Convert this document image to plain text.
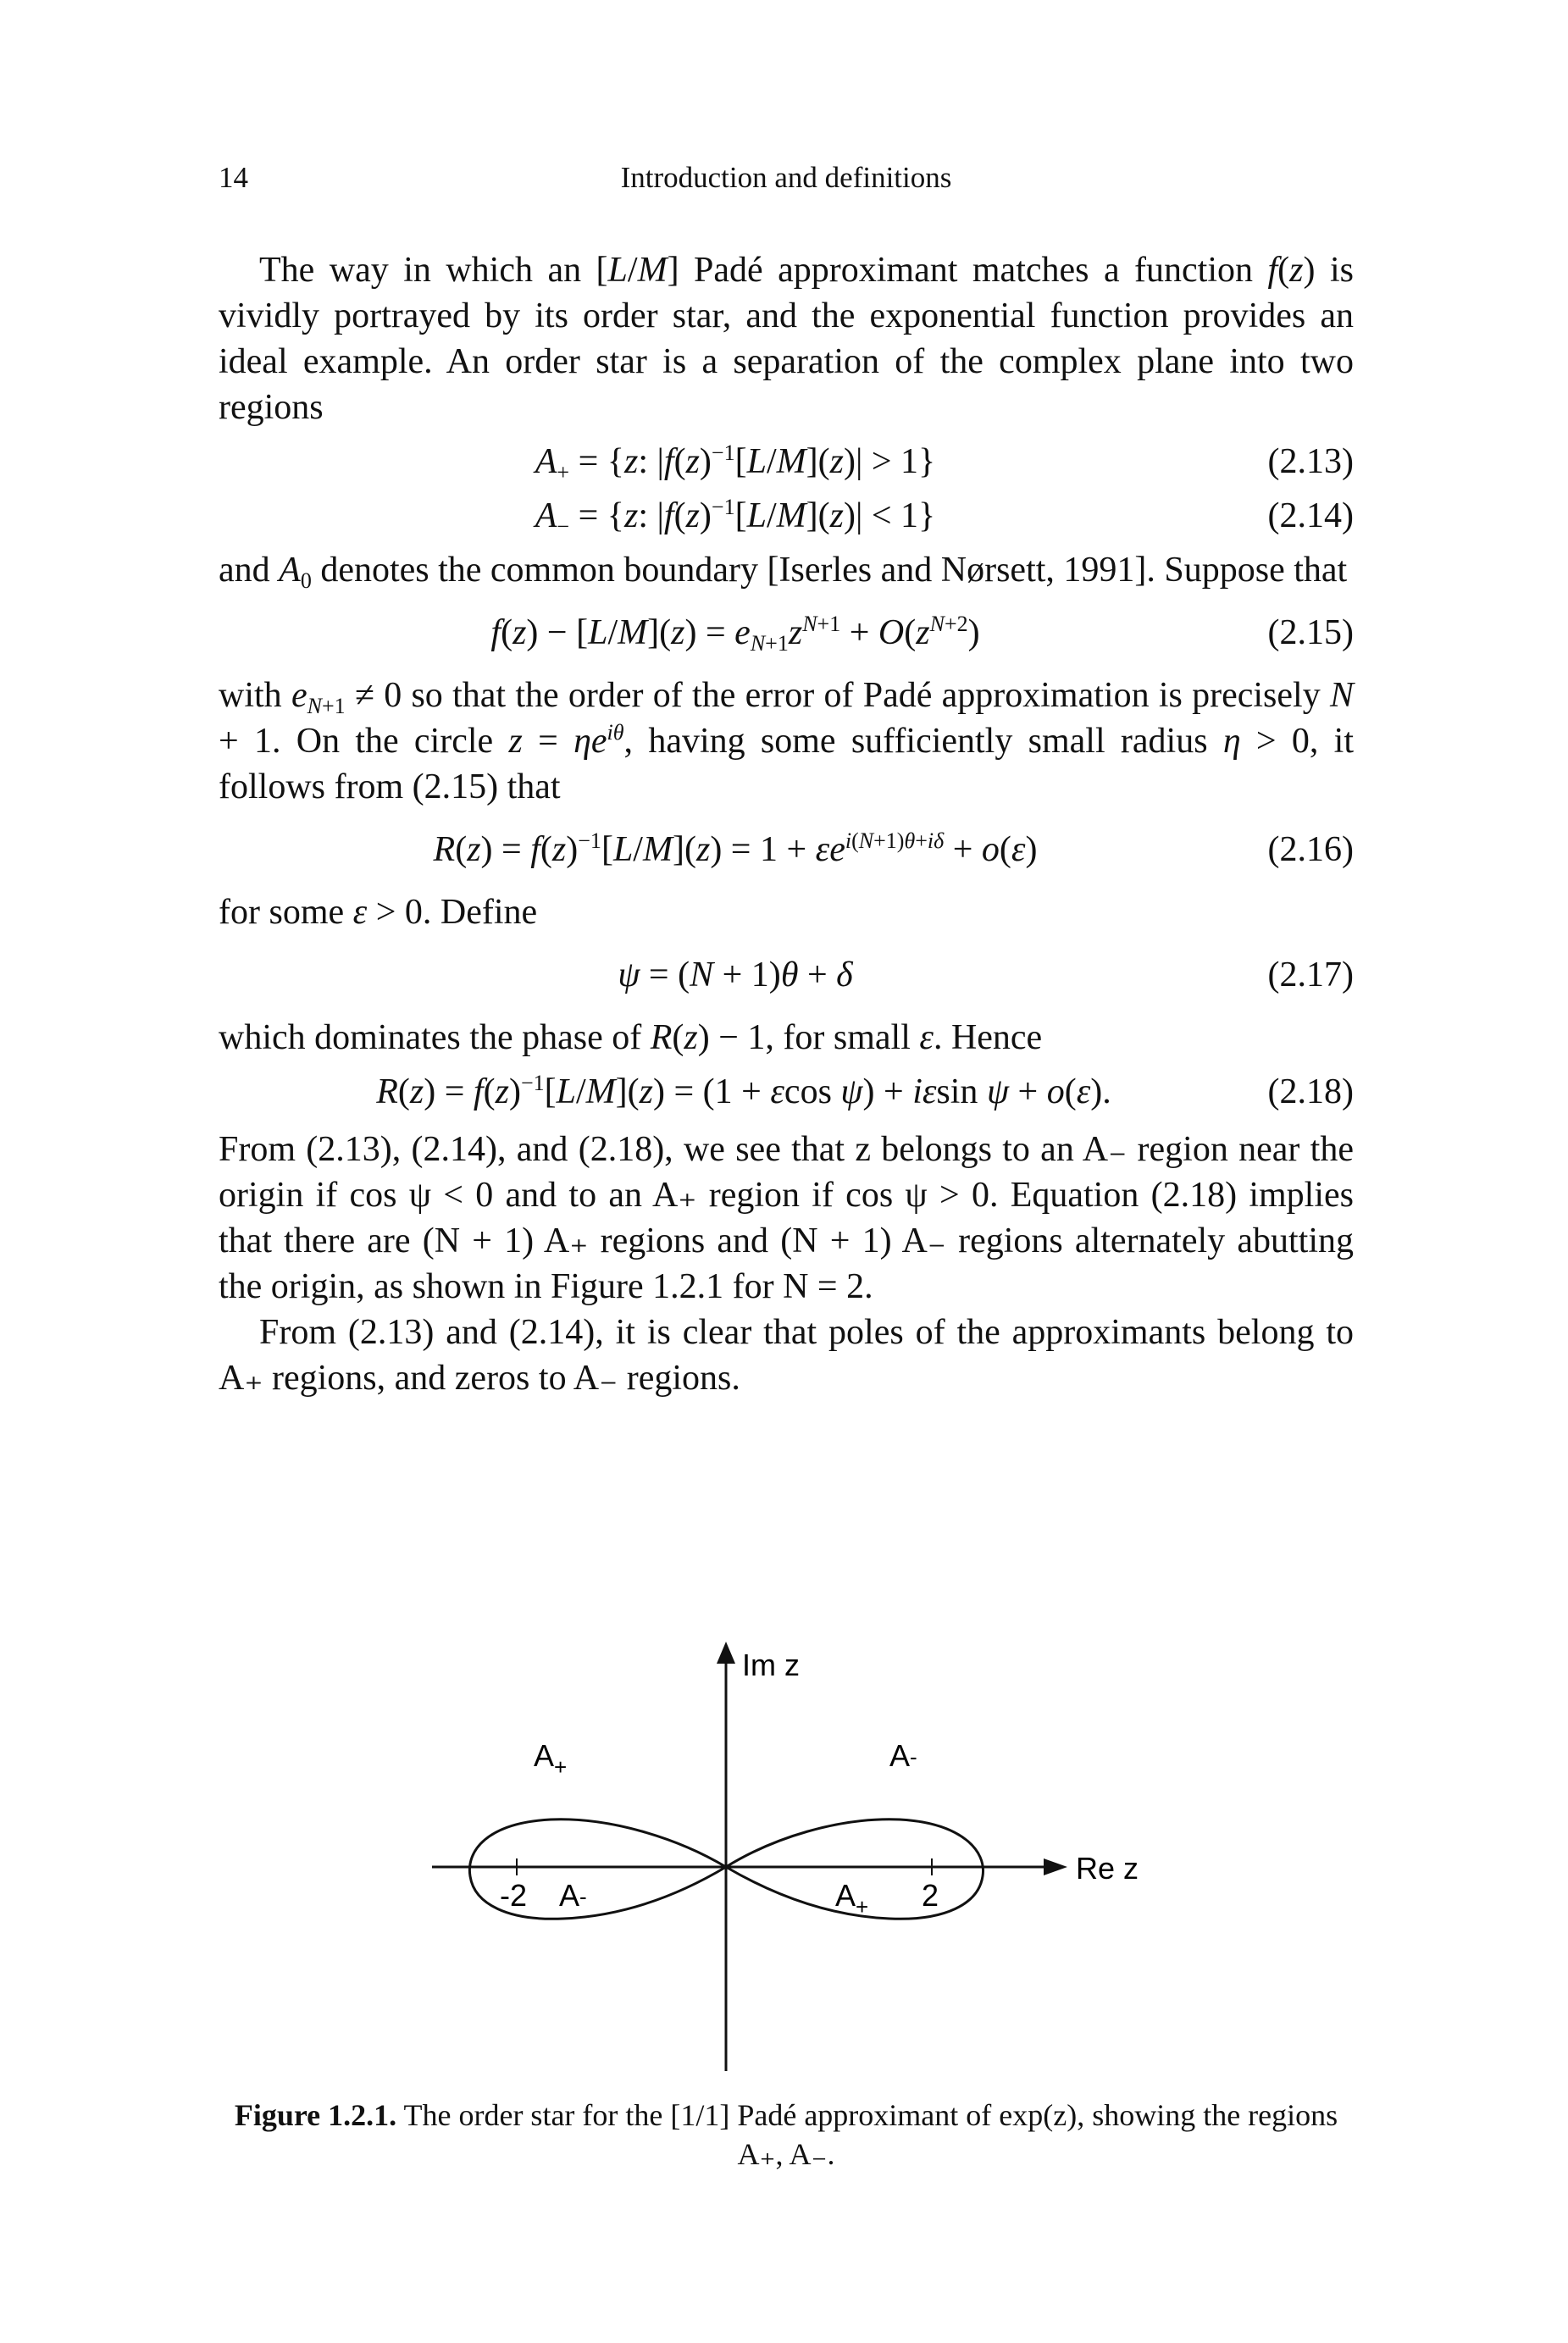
14	Introduction and definitions

The way in which an [L/M] Padé approximant matches a function f(z) is vividly portrayed by its order star, and the exponential function provides an ideal example. An order star is a separation of the complex plane into two regions

$A_+ = \{z$: $|f(z)^{-1}[L/M](z)| > 1$}	(2.13)
$A_- = \{z$: $|f(z)^{-1}[L/M](z)| < 1$}	(2.14)

and $A_0$ denotes the common boundary [Iserles and Nørsett, 1991]. Suppose that

$f(z) - [L/M](z) = e_{N+1}z^{N+1} + O(z^{N+2})$	(2.15)

with $e_{N+1} \ne 0$ so that the order of the error of Padé approximation is precisely N + 1. On the circle $z = \eta e^{i\theta}$, having some sufficiently small radius η > 0, it follows from (2.15) that

$R(z) = f(z)^{-1}[L/M](z) = 1 + \varepsilon e^{i(N+1)\theta+i\delta} + o(\varepsilon)$	(2.16)

for some ε > 0. Define

ψ = (N + 1)θ + δ	(2.17)

which dominates the phase of R(z) − 1, for small ε. Hence

$R(z) = f(z)^{-1}[L/M](z) = (1 + \varepsilon\cos$ ψ) + iεsin ψ + o(ε).	(2.18)

From (2.13), (2.14), and (2.18), we see that z belongs to an A₋ region near the origin if cos ψ < 0 and to an A₊ region if cos ψ > 0. Equation (2.18) implies that there are (N + 1) A₊ regions and (N + 1) A₋ regions alternately abutting the origin, as shown in Figure 1.2.1 for N = 2.

From (2.13) and (2.14), it is clear that poles of the approximants belong to A₊ regions, and zeros to A₋ regions.

Im z
Re z
$A_+$	A-
-2 A-	$A_+$ 2
Figure 1.2.1. The order star for the [1/1] Padé approximant of exp(z), showing the regions A₊, A₋.
